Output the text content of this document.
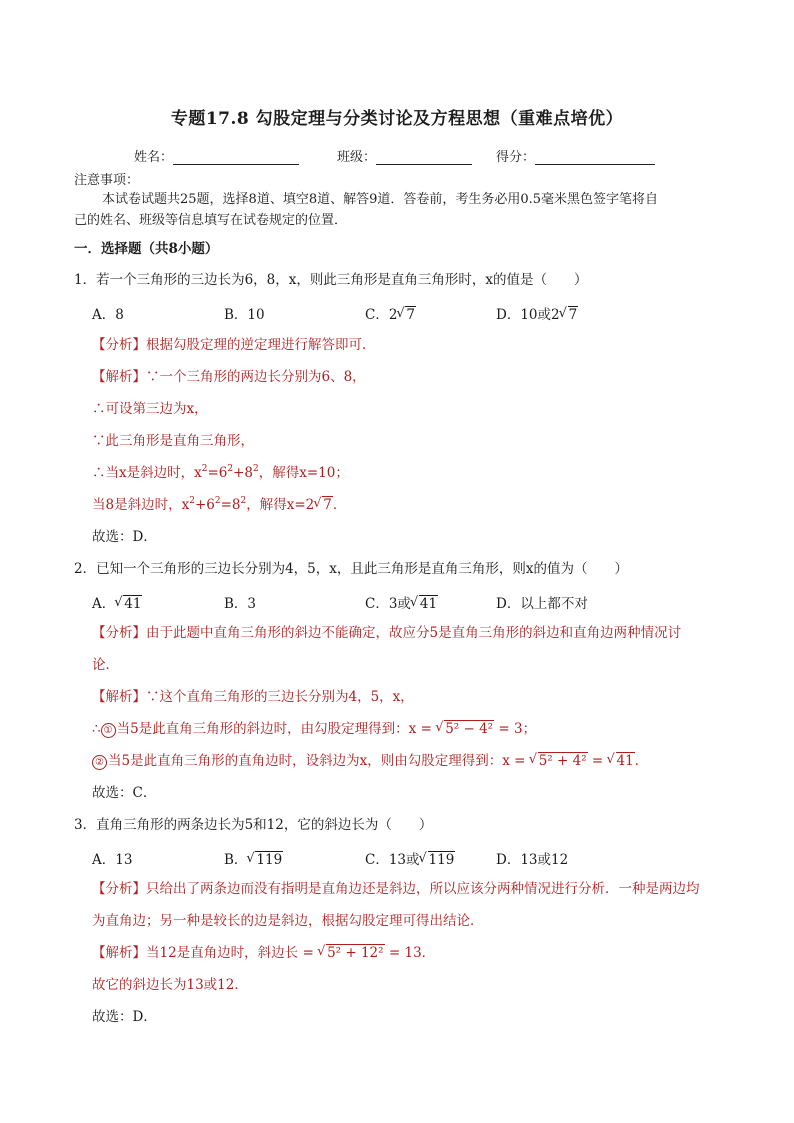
专题17.8 勾股定理与分类讨论及方程思想（重难点培优）
姓名：	班级：	得分：
注意事项：
本试卷试题共25题，选择8道、填空8道、解答9道．答卷前，考生务必用0.5毫米黑色签字笔将自
己的姓名、班级等信息填写在试卷规定的位置．
一．选择题（共8小题）
1．若一个三角形的三边长为6，8，x，则此三角形是直角三角形时，x的值是（　　）
A．8	B．10	C．2 √ 7	D．10或2 √ 7
【分析】根据勾股定理的逆定理进行解答即可．
【解析】∵一个三角形的两边长分别为6、8，
∴可设第三边为x，
∵此三角形是直角三角形，
∴当x是斜边时，$x^2=6^2+8^2$，解得x=10；
当8是斜边时，$x^2+6^2=8^2$，解得x=2 √ 7．
故选：D．
2．已知一个三角形的三边长分别为4，5，x，且此三角形是直角三角形，则x的值为（　　）
A． √ 41	B．3	C．3或 √ 41	D．以上都不对
【分析】由于此题中直角三角形的斜边不能确定，故应分5是直角三角形的斜边和直角边两种情况讨
论．
【解析】∵这个直角三角形的三边长分别为4，5，x，
∴ ① 当5是此直角三角形的斜边时，由勾股定理得到：x = √ 5² − 4² = 3；
② 当5是此直角三角形的直角边时，设斜边为x，则由勾股定理得到：x = √ 5² + 4² = √ 41．
故选：C．
3．直角三角形的两条边长为5和12，它的斜边长为（　　）
A．13	B． √ 119	C．13或 √ 119	D．13或12
【分析】只给出了两条边而没有指明是直角边还是斜边，所以应该分两种情况进行分析．一种是两边均
为直角边；另一种是较长的边是斜边，根据勾股定理可得出结论．
【解析】当12是直角边时，斜边长 = √ 5² + 12² = 13．
故它的斜边长为13或12．
故选：D．
